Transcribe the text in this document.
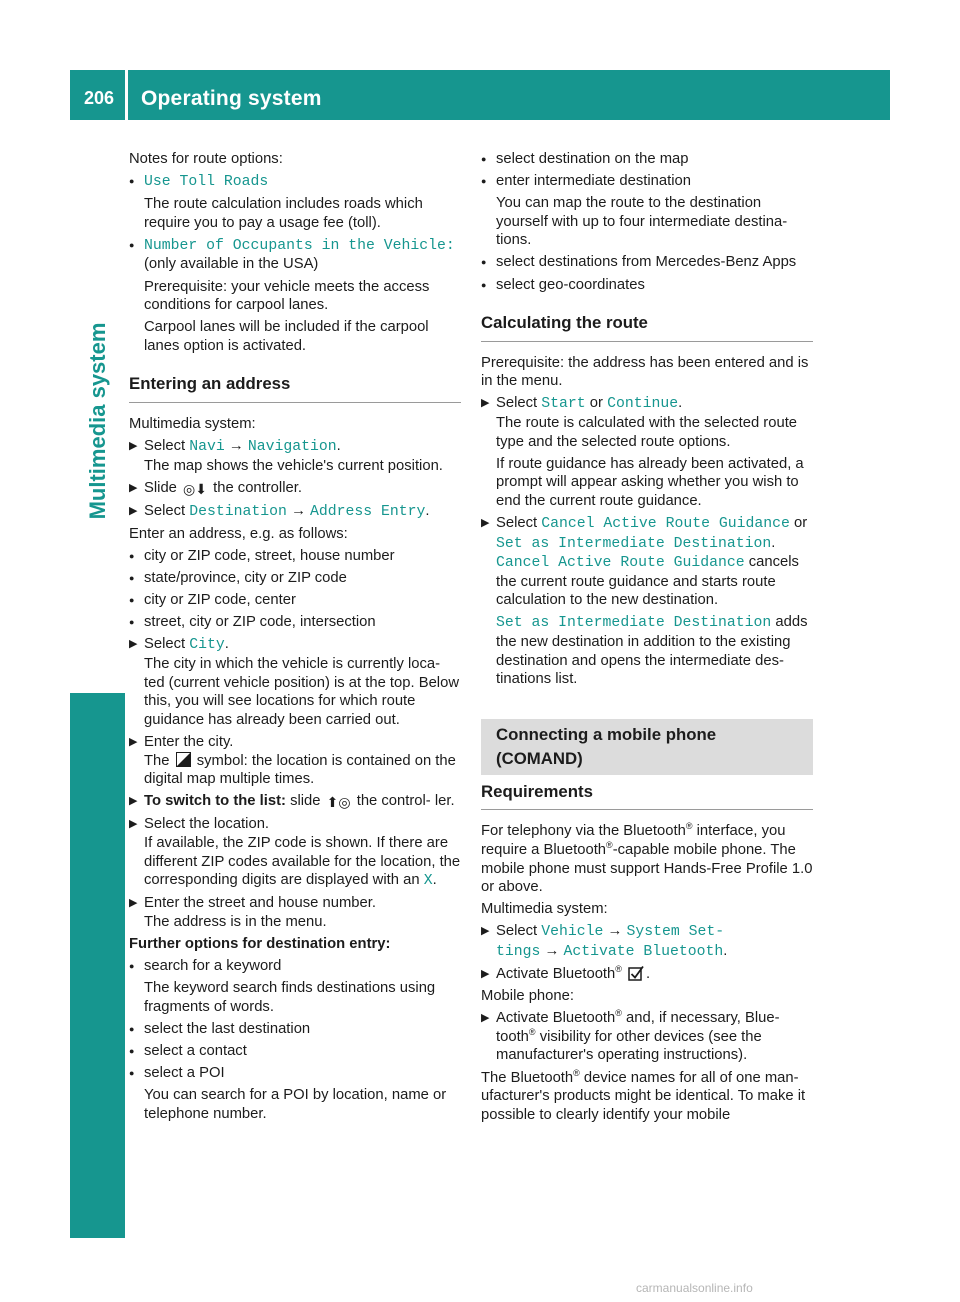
206 Operating system
Multimedia system

Notes for route options:

● Use Toll Roads

The route calculation includes roads which require you to pay a usage fee (toll).

● Number of Occupants in the Vehicle:
(only available in the USA)

Prerequisite: your vehicle meets the access conditions for carpool lanes.

Carpool lanes will be included if the carpool lanes option is activated.

Entering an address

Multimedia system:

▶ Select Navi → Navigation.
The map shows the vehicle's current position.
▶ Slide ◎⬇ the controller.
▶ Select Destination → Address Entry.

Enter an address, e.g. as follows:

● city or ZIP code, street, house number
● state/province, city or ZIP code
● city or ZIP code, center
● street, city or ZIP code, intersection
▶ Select City.
The city in which the vehicle is currently loca- ted (current vehicle position) is at the top. Below this, you will see locations for which route guidance has already been carried out.
▶ Enter the city.
The symbol: the location is contained on the digital map multiple times.
▶ To switch to the list: slide ⬆◎ the control- ler.
▶ Select the location.
If available, the ZIP code is shown. If there are different ZIP codes available for the location, the corresponding digits are displayed with an X.
▶ Enter the street and house number.
The address is in the menu.

Further options for destination entry:

● search for a keyword

The keyword search finds destinations using fragments of words.

● select the last destination
● select a contact
● select a POI

You can search for a POI by location, name or telephone number.

● select destination on the map
● enter intermediate destination

You can map the route to the destination yourself with up to four intermediate destina- tions.

● select destinations from Mercedes-Benz Apps
● select geo-coordinates
Calculating the route

Prerequisite: the address has been entered and is in the menu.

▶ Select Start or Continue.
The route is calculated with the selected route type and the selected route options.

If route guidance has already been activated, a prompt will appear asking whether you wish to end the current route guidance.

▶ Select Cancel Active Route Guidance or Set as Intermediate Destination.
Cancel Active Route Guidance cancels the current route guidance and starts route calculation to the new destination.

Set as Intermediate Destination adds the new destination in addition to the existing destination and opens the intermediate des- tinations list.

Connecting a mobile phone (COMAND)
Requirements

For telephony via the Bluetooth® interface, you require a Bluetooth®-capable mobile phone. The mobile phone must support Hands-Free Profile 1.0 or above.

Multimedia system:

▶ Select Vehicle → System Set‐
tings → Activate Bluetooth.
▶ Activate Bluetooth® .

Mobile phone:

▶ Activate Bluetooth® and, if necessary, Blue- tooth® visibility for other devices (see the manufacturer's operating instructions).

The Bluetooth® device names for all of one man- ufacturer's products might be identical. To make it possible to clearly identify your mobile

carmanualsonline.info
